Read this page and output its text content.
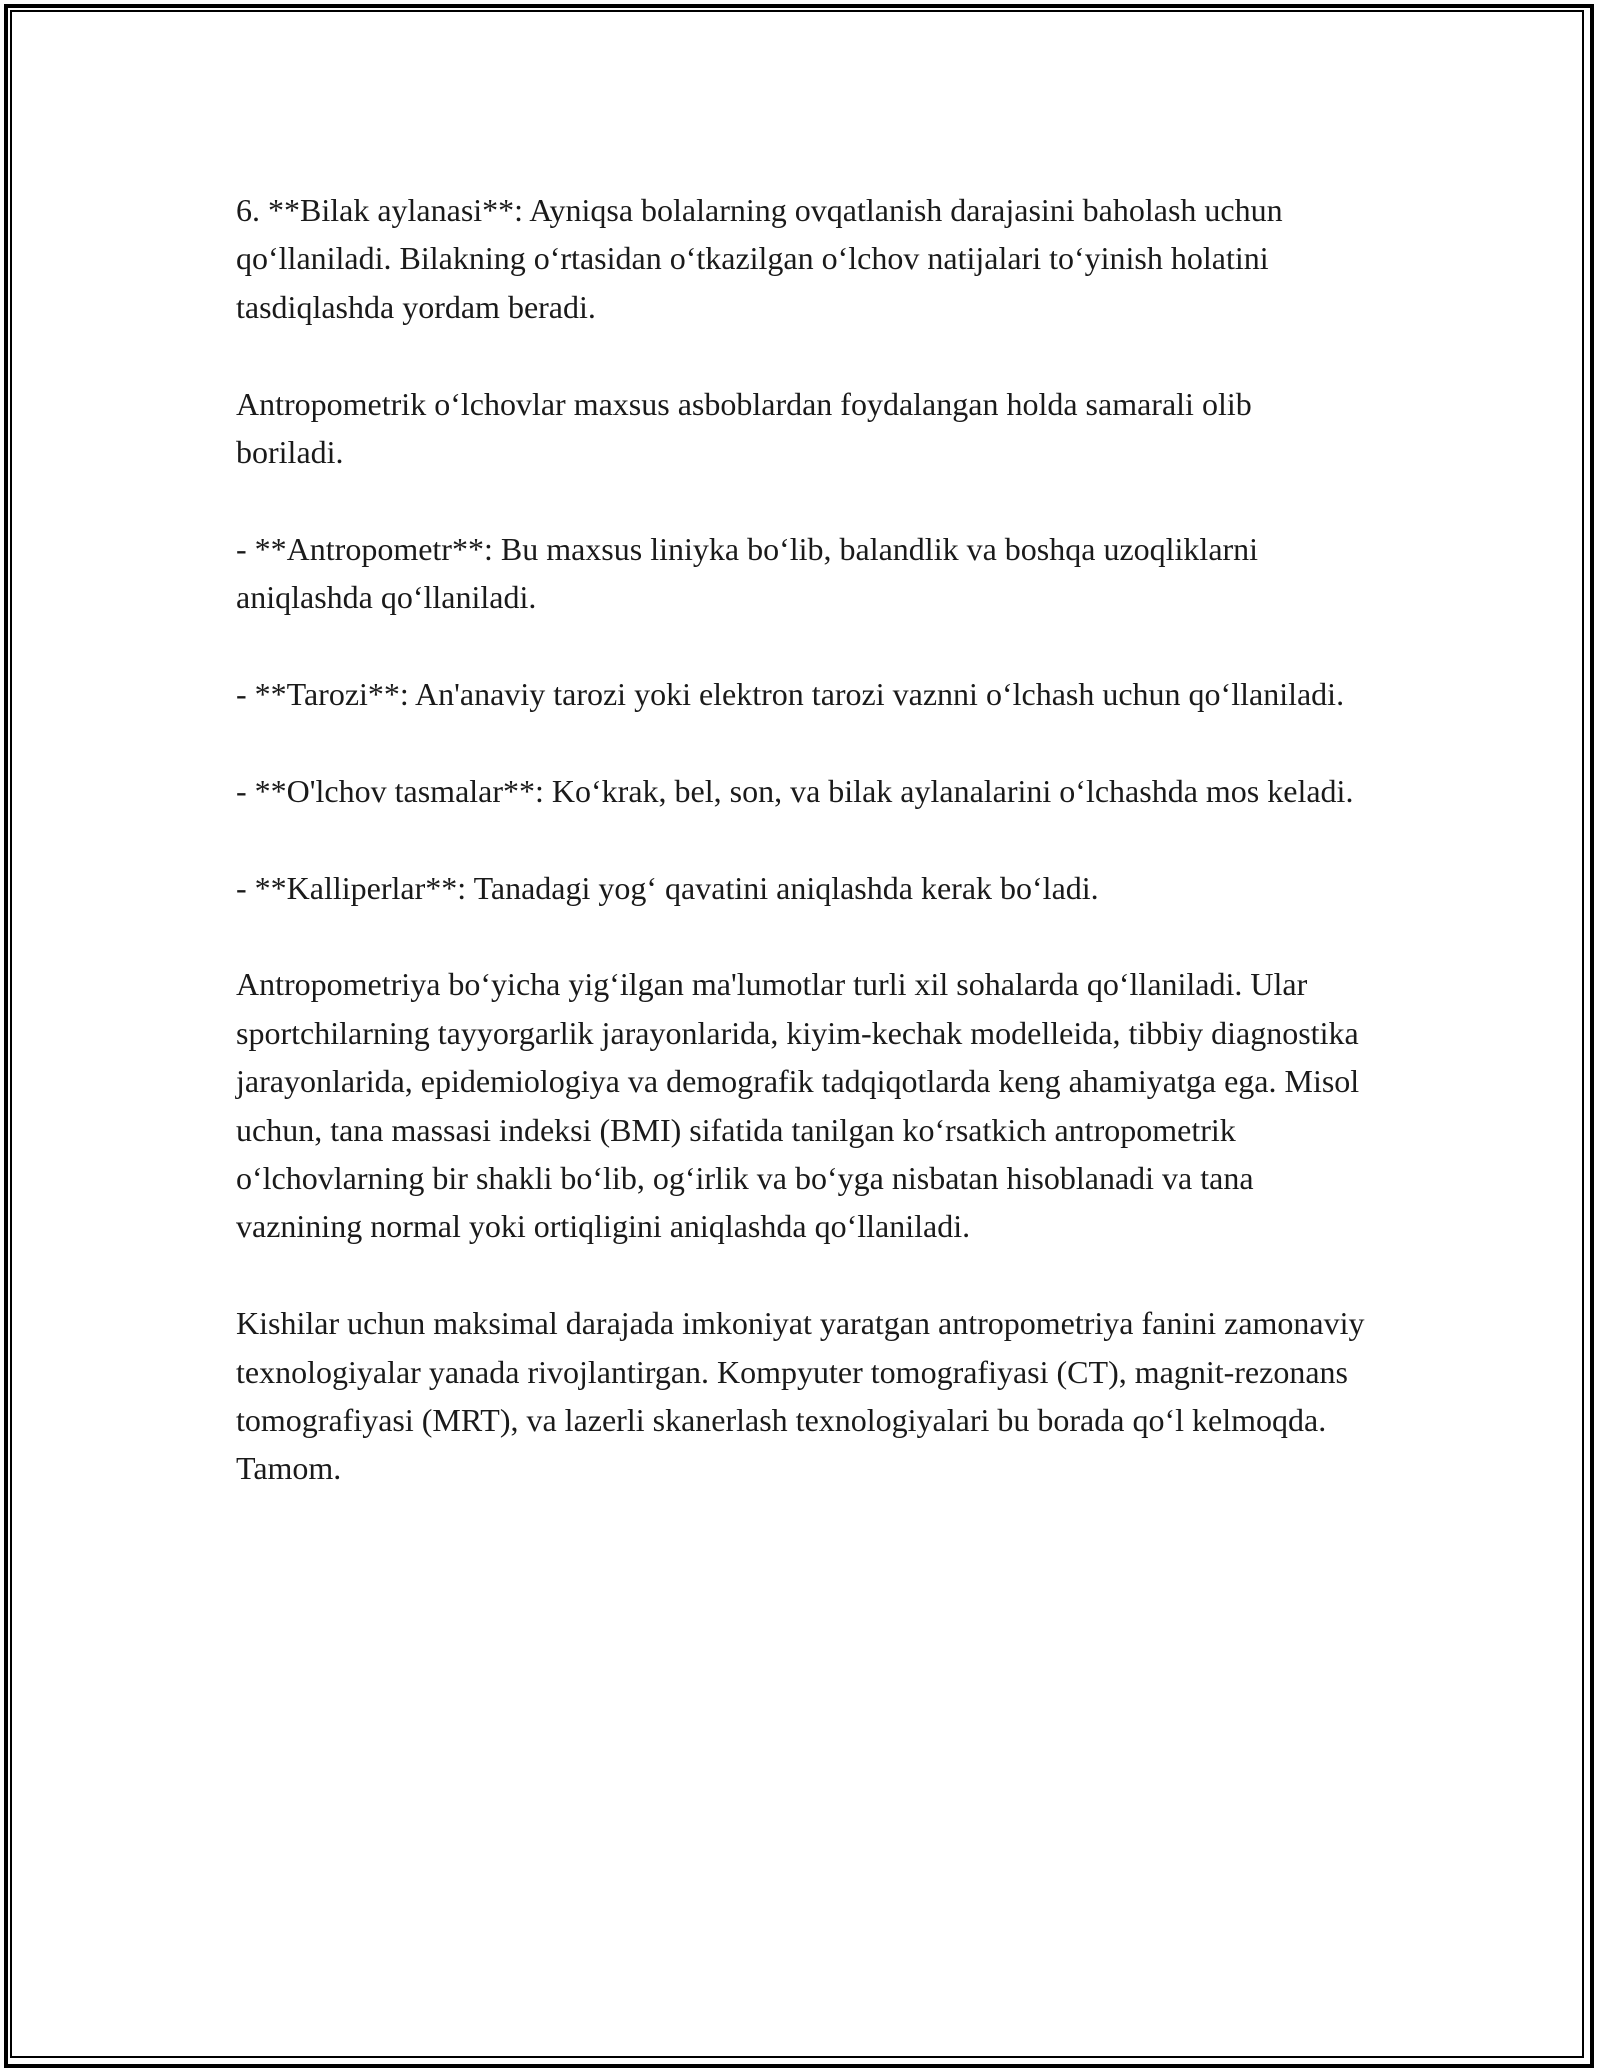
6. **Bilak aylanasi**: Ayniqsa bolalarning ovqatlanish darajasini baholash uchun qo‘llaniladi. Bilakning o‘rtasidan o‘tkazilgan o‘lchov natijalari to‘yinish holatini tasdiqlashda yordam beradi.

Antropometrik o‘lchovlar maxsus asboblardan foydalangan holda samarali olib boriladi.

- **Antropometr**: Bu maxsus liniyka bo‘lib, balandlik va boshqa uzoqliklarni aniqlashda qo‘llaniladi.

- **Tarozi**: An'anaviy tarozi yoki elektron tarozi vaznni o‘lchash uchun qo‘llaniladi.

- **O'lchov tasmalar**: Ko‘krak, bel, son, va bilak aylanalarini o‘lchashda mos keladi.

- **Kalliperlar**: Tanadagi yog‘ qavatini aniqlashda kerak bo‘ladi.

Antropometriya bo‘yicha yig‘ilgan ma'lumotlar turli xil sohalarda qo‘llaniladi. Ular sportchilarning tayyorgarlik jarayonlarida, kiyim-kechak modelleida, tibbiy diagnostika jarayonlarida, epidemiologiya va demografik tadqiqotlarda keng ahamiyatga ega. Misol uchun, tana massasi indeksi (BMI) sifatida tanilgan ko‘rsatkich antropometrik o‘lchovlarning bir shakli bo‘lib, og‘irlik va bo‘yga nisbatan hisoblanadi va tana vaznining normal yoki ortiqligini aniqlashda qo‘llaniladi.

Kishilar uchun maksimal darajada imkoniyat yaratgan antropometriya fanini zamonaviy texnologiyalar yanada rivojlantirgan. Kompyuter tomografiyasi (CT), magnit-rezonans tomografiyasi (MRT), va lazerli skanerlash texnologiyalari bu borada qo‘l kelmoqda. Tamom.
